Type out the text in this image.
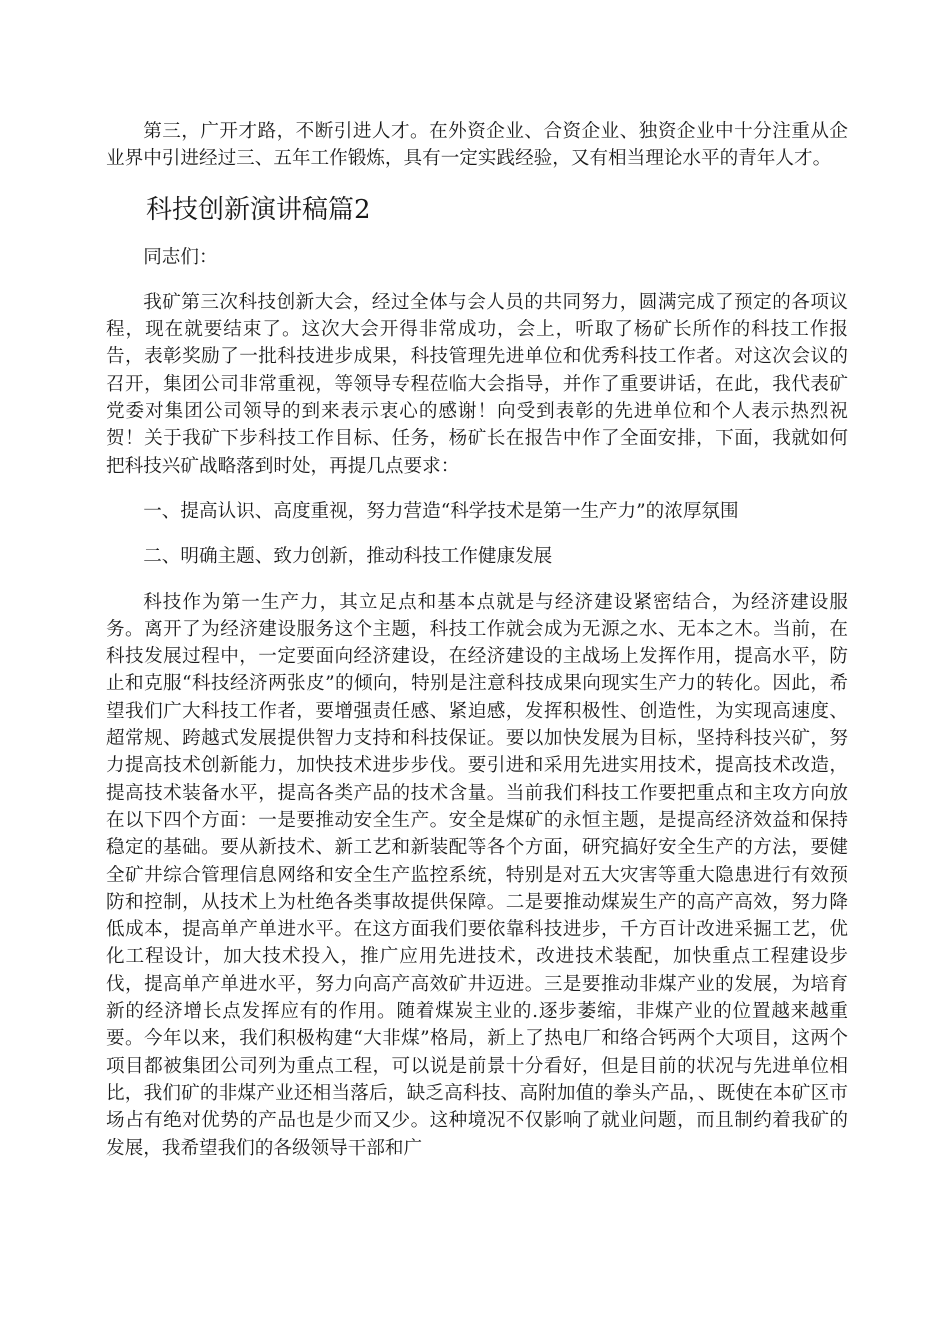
第三，广开才路，不断引进人才。在外资企业、合资企业、独资企业中十分注重从企业界中引进经过三、五年工作锻炼，具有一定实践经验，又有相当理论水平的青年人才。

科技创新演讲稿篇2

同志们：

我矿第三次科技创新大会，经过全体与会人员的共同努力，圆满完成了预定的各项议程，现在就要结束了。这次大会开得非常成功，会上，听取了杨矿长所作的科技工作报告，表彰奖励了一批科技进步成果，科技管理先进单位和优秀科技工作者。对这次会议的召开，集团公司非常重视，等领导专程莅临大会指导，并作了重要讲话，在此，我代表矿党委对集团公司领导的到来表示衷心的感谢！向受到表彰的先进单位和个人表示热烈祝贺！关于我矿下步科技工作目标、任务，杨矿长在报告中作了全面安排，下面，我就如何把科技兴矿战略落到时处，再提几点要求：

一、提高认识、高度重视，努力营造“科学技术是第一生产力”的浓厚氛围

二、明确主题、致力创新，推动科技工作健康发展

科技作为第一生产力，其立足点和基本点就是与经济建设紧密结合，为经济建设服务。离开了为经济建设服务这个主题，科技工作就会成为无源之水、无本之木。当前，在科技发展过程中，一定要面向经济建设，在经济建设的主战场上发挥作用，提高水平，防止和克服“科技经济两张皮”的倾向，特别是注意科技成果向现实生产力的转化。因此，希望我们广大科技工作者，要增强责任感、紧迫感，发挥积极性、创造性，为实现高速度、超常规、跨越式发展提供智力支持和科技保证。要以加快发展为目标，坚持科技兴矿，努力提高技术创新能力，加快技术进步步伐。要引进和采用先进实用技术，提高技术改造，提高技术装备水平，提高各类产品的技术含量。当前我们科技工作要把重点和主攻方向放在以下四个方面：一是要推动安全生产。安全是煤矿的永恒主题，是提高经济效益和保持稳定的基础。要从新技术、新工艺和新装配等各个方面，研究搞好安全生产的方法，要健全矿井综合管理信息网络和安全生产监控系统，特别是对五大灾害等重大隐患进行有效预防和控制，从技术上为杜绝各类事故提供保障。二是要推动煤炭生产的高产高效，努力降低成本，提高单产单进水平。在这方面我们要依靠科技进步，千方百计改进采掘工艺，优化工程设计，加大技术投入，推广应用先进技术，改进技术装配，加快重点工程建设步伐，提高单产单进水平，努力向高产高效矿井迈进。三是要推动非煤产业的发展，为培育新的经济增长点发挥应有的作用。随着煤炭主业的.逐步萎缩，非煤产业的位置越来越重要。今年以来，我们积极构建“大非煤”格局，新上了热电厂和络合钙两个大项目，这两个项目都被集团公司列为重点工程，可以说是前景十分看好，但是目前的状况与先进单位相比，我们矿的非煤产业还相当落后，缺乏高科技、高附加值的拳头产品，、既使在本矿区市场占有绝对优势的产品也是少而又少。这种境况不仅影响了就业问题，而且制约着我矿的发展，我希望我们的各级领导干部和广
